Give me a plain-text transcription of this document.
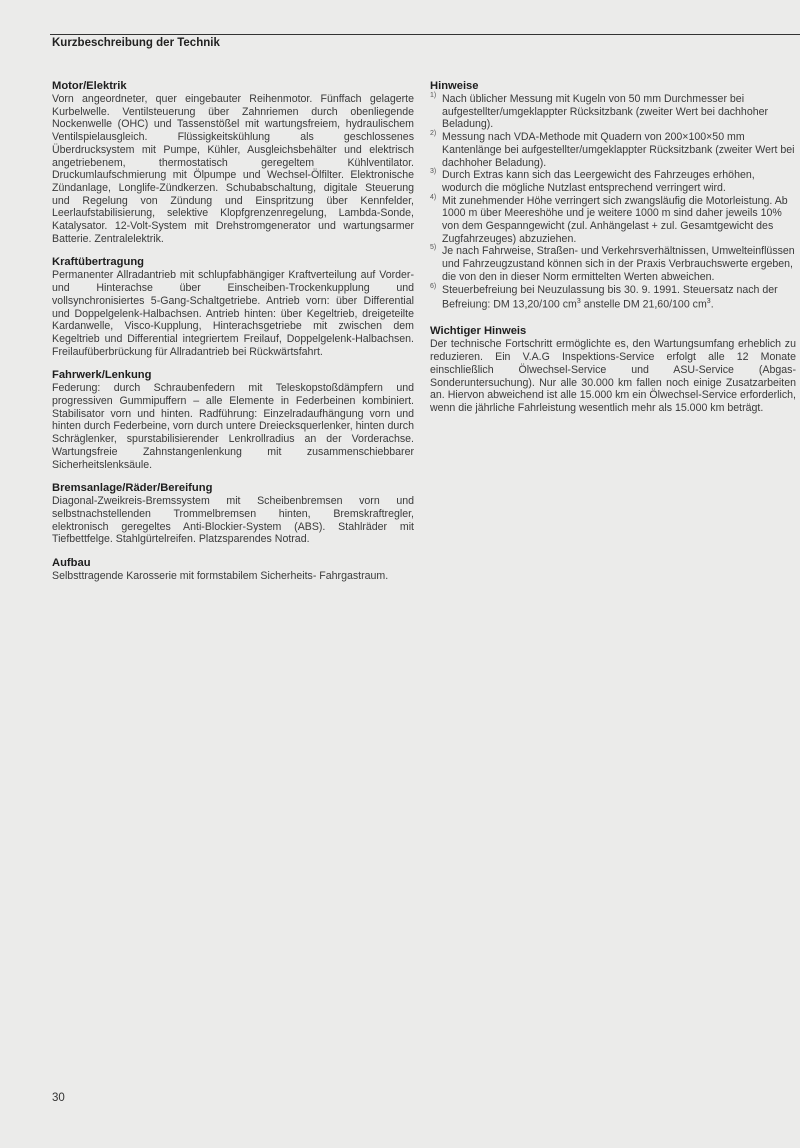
Kurzbeschreibung der Technik
Motor/Elektrik

Vorn angeordneter, quer eingebauter Reihenmotor. Fünffach gelagerte Kurbelwelle. Ventilsteuerung über Zahnriemen durch obenliegende Nockenwelle (OHC) und Tassenstößel mit wartungsfreiem, hydraulischem Ventilspielausgleich. Flüssigkeitskühlung als geschlossenes Überdrucksystem mit Pumpe, Kühler, Ausgleichsbehälter und elektrisch angetriebenem, thermostatisch geregeltem Kühlventilator. Druckumlaufschmierung mit Ölpumpe und Wechsel-Ölfilter. Elektronische Zündanlage, Longlife-Zündkerzen. Schubabschaltung, digitale Steuerung und Regelung von Zündung und Einspritzung über Kennfelder, Leerlaufstabilisierung, selektive Klopfgrenzenregelung, Lambda-Sonde, Katalysator. 12-Volt-System mit Drehstromgenerator und wartungsarmer Batterie. Zentralelektrik.

Kraftübertragung

Permanenter Allradantrieb mit schlupfabhängiger Kraftverteilung auf Vorder- und Hinterachse über Einscheiben-Trockenkupplung und vollsynchronisiertes 5-Gang-Schaltgetriebe. Antrieb vorn: über Differential und Doppelgelenk-Halbachsen. Antrieb hinten: über Kegeltrieb, dreigeteilte Kardanwelle, Visco-Kupplung, Hinterachsgetriebe mit zwischen dem Kegeltrieb und Differential integriertem Freilauf, Doppelgelenk-Halbachsen. Freilaufüberbrückung für Allradantrieb bei Rückwärtsfahrt.

Fahrwerk/Lenkung

Federung: durch Schraubenfedern mit Teleskopstoßdämpfern und progressiven Gummipuffern – alle Elemente in Federbeinen kombiniert. Stabilisator vorn und hinten. Radführung: Einzelradaufhängung vorn und hinten durch Federbeine, vorn durch untere Dreiecksquerlenker, hinten durch Schräglenker, spurstabilisierender Lenkrollradius an der Vorderachse. Wartungsfreie Zahnstangenlenkung mit zusammenschiebbarer Sicherheitslenksäule.

Bremsanlage/Räder/Bereifung

Diagonal-Zweikreis-Bremssystem mit Scheibenbremsen vorn und selbstnachstellenden Trommelbremsen hinten, Bremskraftregler, elektronisch geregeltes Anti-Blockier-System (ABS). Stahlräder mit Tiefbettfelge. Stahlgürtelreifen. Platzsparendes Notrad.

Aufbau

Selbsttragende Karosserie mit formstabilem Sicherheits- Fahrgastraum.

Hinweise
1) Nach üblicher Messung mit Kugeln von 50 mm Durchmesser bei aufgestellter/umgeklappter Rücksitzbank (zweiter Wert bei dachhoher Beladung).
2) Messung nach VDA-Methode mit Quadern von 200×100×50 mm Kantenlänge bei aufgestellter/umgeklappter Rücksitzbank (zweiter Wert bei dachhoher Beladung).
3) Durch Extras kann sich das Leergewicht des Fahrzeuges erhöhen, wodurch die mögliche Nutzlast entsprechend verringert wird.
4) Mit zunehmender Höhe verringert sich zwangsläufig die Motorleistung. Ab 1000 m über Meereshöhe und je weitere 1000 m sind daher jeweils 10% von dem Gespanngewicht (zul. Anhängelast + zul. Gesamtgewicht des Zugfahrzeuges) abzuziehen.
5) Je nach Fahrweise, Straßen- und Verkehrsverhältnissen, Umwelteinflüssen und Fahrzeugzustand können sich in der Praxis Verbrauchswerte ergeben, die von den in dieser Norm ermittelten Werten abweichen.
6) Steuerbefreiung bei Neuzulassung bis 30. 9. 1991. Steuersatz nach der Befreiung: DM 13,20/100 $cm^3$ anstelle DM 21,60/100 $cm^3$.
Wichtiger Hinweis

Der technische Fortschritt ermöglichte es, den Wartungsumfang erheblich zu reduzieren. Ein V.A.G Inspektions-Service erfolgt alle 12 Monate einschließlich Ölwechsel-Service und ASU-Service (Abgas- Sonderuntersuchung). Nur alle 30.000 km fallen noch einige Zusatzarbeiten an. Hiervon abweichend ist alle 15.000 km ein Ölwechsel-Service erforderlich, wenn die jährliche Fahrleistung wesentlich mehr als 15.000 km beträgt.

30
